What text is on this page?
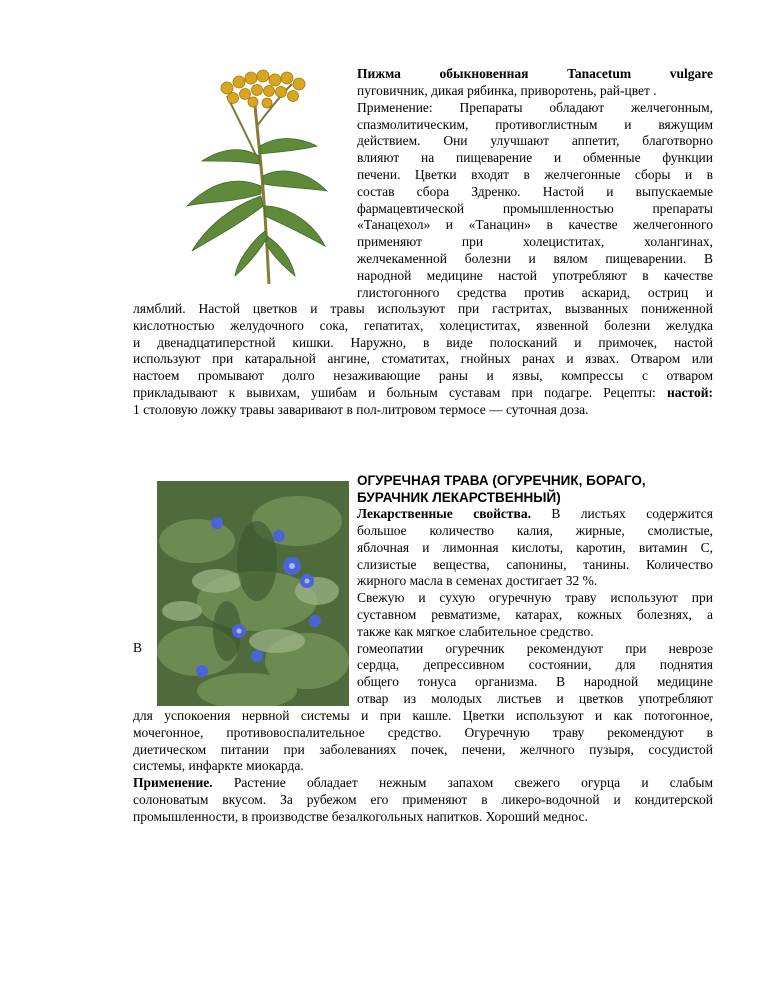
Пижма обыкновенная Tanacetum vulgare
пуговичник, дикая рябинка, приворотень, рай-цвет .
Применение: Препараты обладают желчегонным,
спазмолитическим, противоглистным и вяжущим
действием. Они улучшают аппетит, благотворно
влияют на пищеварение и обменные функции
печени. Цветки входят в желчегонные сборы и в
состав сбора Здренко. Настой и выпускаемые
фармацевтической промышленностью препараты
«Танацехол» и «Танацин» в качестве желчегонного
применяют при холециститах, холангинах,
желчекаменной болезни и вялом пищеварении. В
народной медицине настой употребляют в качестве
глистогонного средства против аскарид, остриц и
лямблий. Настой цветков и травы используют при гастритах, вызванных пониженной
кислотностью желудочного сока, гепатитах, холециститах, язвенной болезни желудка
и двенадцатиперстной кишки. Наружно, в виде полосканий и примочек, настой
используют при катаральной ангине, стоматитах, гнойных ранах и язвах. Отваром или
настоем промывают долго незаживающие раны и язвы, компрессы с отваром
прикладывают к вывихам, ушибам и больным суставам при подагре. Рецепты: настой:
1 столовую ложку травы заваривают в пол-литровом термосе — суточная доза.
ОГУРЕЧНАЯ ТРАВА (ОГУРЕЧНИК, БОРАГО,
БУРАЧНИК ЛЕКАРСТВЕННЫЙ)
Лекарственные свойства. В листьях содержится
большое количество калия, жирные, смолистые,
яблочная и лимонная кислоты, каротин, витамин С,
слизистые вещества, сапонины, танины. Количество
жирного масла в семенах достигает 32 %.
Свежую и сухую огуречную траву используют при
суставном ревматизме, катарах, кожных болезнях, а
также как мягкое слабительное средство.
гомеопатии огуречник рекомендуют при неврозе
сердца, депрессивном состоянии, для поднятия
общего тонуса организма. В народной медицине
отвар из молодых листьев и цветков употребляют
В
для успокоения нервной системы и при кашле. Цветки используют и как потогонное,
мочегонное, противовоспалительное средство. Огуречную траву рекомендуют в
диетическом питании при заболеваниях почек, печени, желчного пузыря, сосудистой
системы, инфаркте миокарда.
Применение. Растение обладает нежным запахом свежего огурца и слабым
солоноватым вкусом. За рубежом его применяют в ликеро-водочной и кондитерской
промышленности, в производстве безалкогольных напитков. Хороший меднос.
